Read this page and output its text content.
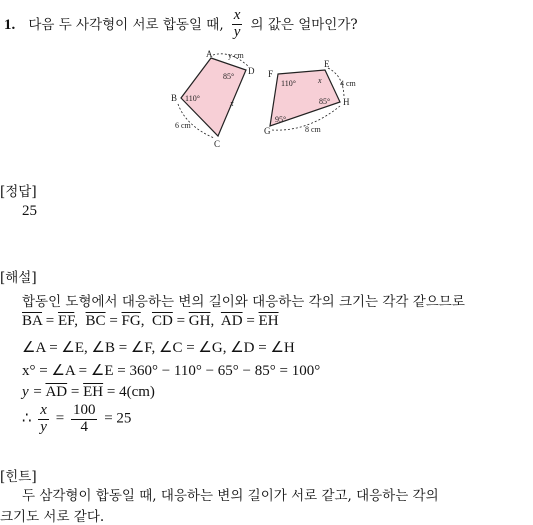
1. 다음 두 사각형이 서로 합동일 때, $\frac{x}{y}$ 의 값은 얼마인가?
A
D
B
C
y cm
85°
110°
x
6 cm
E
F
H
G
110°	x 4 cm
85°
95°
8 cm
[정답]
25
[해설]
합동인 도형에서 대응하는 변의 길이와 대응하는 각의 크기는 각각 같으므로
$\overline{BA} = \overline{EF}$,  $\overline{BC} = \overline{FG}$,  $\overline{CD} = \overline{GH}$,  $\overline{AD} = \overline{EH}$
∠A = ∠E, ∠B = ∠F, ∠C = ∠G, ∠D = ∠H
x° = ∠A = ∠E = 360° − 110° − 65° − 85° = 100°
$y = \overline{AD} = \overline{EH} = 4(cm)$
∴ $\frac{x}{y} = \frac{100}{4} = 25$
[힌트]
두 삼각형이 합동일 때, 대응하는 변의 길이가 서로 같고, 대응하는 각의
크기도 서로 같다.
